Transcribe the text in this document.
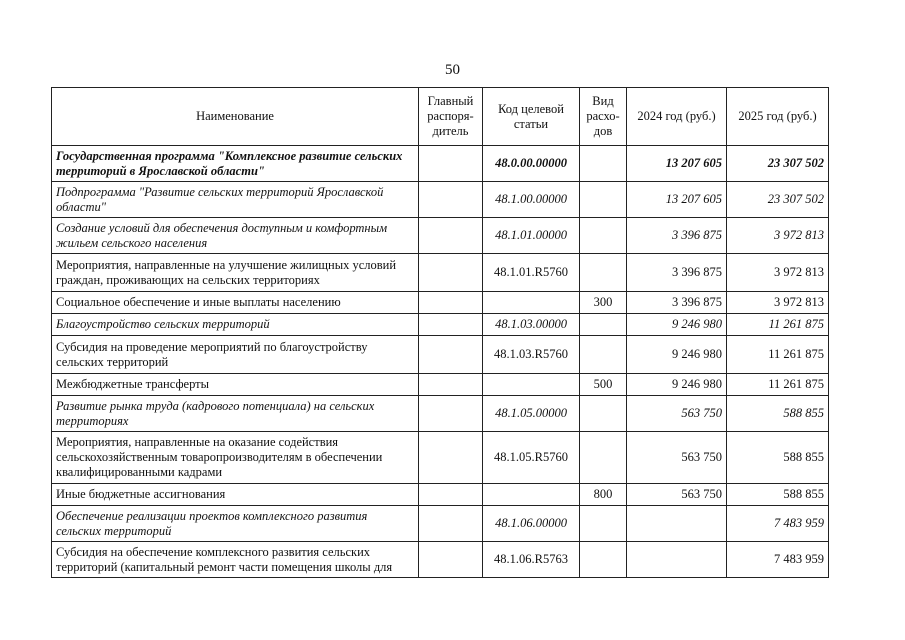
50
Наименование	Главный распоря-дитель	Код целевой статьи	Вид расхо-дов	2024 год (руб.)	2025 год (руб.)
Государственная программа "Комплексное развитие сельских территорий в Ярославской области"		48.0.00.00000		13 207 605	23 307 502
Подпрограмма "Развитие сельских территорий Ярославской области"		48.1.00.00000		13 207 605	23 307 502
Создание условий для обеспечения доступным и комфортным жильем сельского населения		48.1.01.00000		3 396 875	3 972 813
Мероприятия, направленные на улучшение жилищных условий граждан, проживающих на сельских территориях		48.1.01.R5760		3 396 875	3 972 813
Социальное обеспечение и иные выплаты населению			300	3 396 875	3 972 813
Благоустройство сельских территорий		48.1.03.00000		9 246 980	11 261 875
Субсидия на проведение мероприятий по благоустройству сельских территорий		48.1.03.R5760		9 246 980	11 261 875
Межбюджетные трансферты			500	9 246 980	11 261 875
Развитие рынка труда (кадрового потенциала) на сельских территориях		48.1.05.00000		563 750	588 855
Мероприятия, направленные на оказание содействия сельскохозяйственным товаропроизводителям в обеспечении квалифицированными кадрами		48.1.05.R5760		563 750	588 855
Иные бюджетные ассигнования			800	563 750	588 855
Обеспечение реализации проектов комплексного развития сельских территорий		48.1.06.00000			7 483 959
Субсидия на обеспечение комплексного развития сельских территорий (капитальный ремонт части помещения школы для		48.1.06.R5763			7 483 959
